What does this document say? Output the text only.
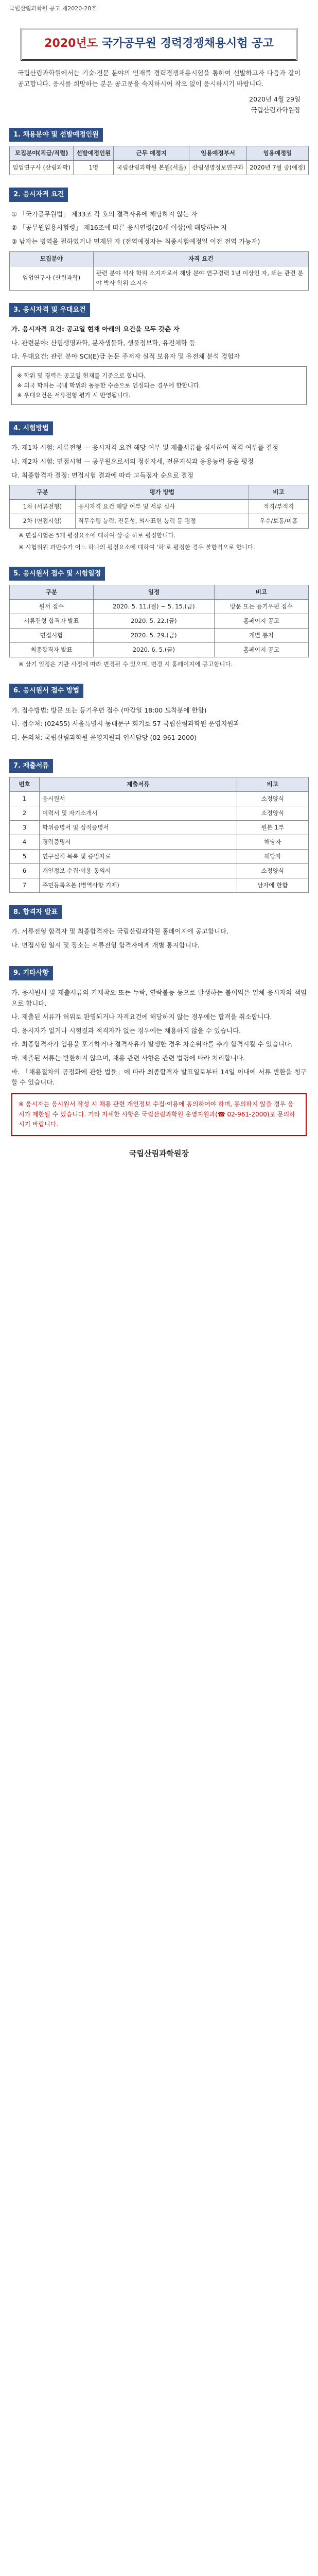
국립산림과학원 공고 제2020-28호
2020년도 국가공무원 경력경쟁채용시험 공고
국립산림과학원에서는 기술·전문 분야의 인재를 경력경쟁채용시험을 통하여 선발하고자 다음과 같이 공고합니다. 응시를 희망하는 분은 공고문을 숙지하시어 착오 없이 응시하시기 바랍니다.
2020년 4월 29일
국립산림과학원장
1. 채용분야 및 선발예정인원
모집분야(직급/직렬)	선발예정인원	근무 예정지	임용예정부서	임용예정일
임업연구사 (산림과학)	1명	국립산림과학원 본원(서울)	산림생명정보연구과	2020년 7월 중(예정)
2. 응시자격 요건
① 「국가공무원법」 제33조 각 호의 결격사유에 해당하지 않는 자
② 「공무원임용시험령」 제16조에 따른 응시연령(20세 이상)에 해당하는 자
③ 남자는 병역을 필하였거나 면제된 자 (전역예정자는 최종시험예정일 이전 전역 가능자)
모집분야	자격 요건
임업연구사 (산림과학)	관련 분야 석사 학위 소지자로서 해당 분야 연구경력 1년 이상인 자, 또는 관련 분야 박사 학위 소지자
3. 응시자격 및 우대요건
가. 응시자격 요건: 공고일 현재 아래의 요건을 모두 갖춘 자
나. 관련분야: 산림생명과학, 분자생물학, 생물정보학, 유전체학 등
다. 우대요건: 관련 분야 SCI(E)급 논문 주저자 실적 보유자 및 유전체 분석 경험자
※ 학위 및 경력은 공고일 현재를 기준으로 합니다.
※ 외국 학위는 국내 학위와 동등한 수준으로 인정되는 경우에 한합니다.
※ 우대요건은 서류전형 평가 시 반영됩니다.
4. 시험방법
가. 제1차 시험: 서류전형 — 응시자격 요건 해당 여부 및 제출서류를 심사하여 적격 여부를 결정
나. 제2차 시험: 면접시험 — 공무원으로서의 정신자세, 전문지식과 응용능력 등을 평정
다. 최종합격자 결정: 면접시험 결과에 따라 고득점자 순으로 결정
구분	평가 방법	비고
1차 (서류전형)	응시자격 요건 해당 여부 및 서류 심사	적격/부적격
2차 (면접시험)	직무수행 능력, 전문성, 의사표현 능력 등 평정	우수/보통/미흡
※ 면접시험은 5개 평정요소에 대하여 상·중·하로 평정합니다.
※ 시험위원 과반수가 어느 하나의 평정요소에 대하여 '하'로 평정한 경우 불합격으로 합니다.
5. 응시원서 접수 및 시험일정
구분	일정	비고
원서 접수	2020. 5. 11.(월) ~ 5. 15.(금)	방문 또는 등기우편 접수
서류전형 합격자 발표	2020. 5. 22.(금)	홈페이지 공고
면접시험	2020. 5. 29.(금)	개별 통지
최종합격자 발표	2020. 6. 5.(금)	홈페이지 공고
※ 상기 일정은 기관 사정에 따라 변경될 수 있으며, 변경 시 홈페이지에 공고합니다.
6. 응시원서 접수 방법
가. 접수방법: 방문 또는 등기우편 접수 (마감일 18:00 도착분에 한함)
나. 접수처: (02455) 서울특별시 동대문구 회기로 57 국립산림과학원 운영지원과
다. 문의처: 국립산림과학원 운영지원과 인사담당 (02-961-2000)
7. 제출서류
번호	제출서류	비고
1	응시원서	소정양식
2	이력서 및 자기소개서	소정양식
3	학위증명서 및 성적증명서	원본 1부
4	경력증명서	해당자
5	연구실적 목록 및 증빙자료	해당자
6	개인정보 수집·이용 동의서	소정양식
7	주민등록초본 (병역사항 기재)	남자에 한함
8. 합격자 발표
가. 서류전형 합격자 및 최종합격자는 국립산림과학원 홈페이지에 공고합니다.
나. 면접시험 일시 및 장소는 서류전형 합격자에게 개별 통지합니다.
9. 기타사항
가. 응시원서 및 제출서류의 기재착오 또는 누락, 연락불능 등으로 발생하는 불이익은 일체 응시자의 책임으로 합니다.
나. 제출된 서류가 허위로 판명되거나 자격요건에 해당하지 않는 경우에는 합격을 취소합니다.
다. 응시자가 없거나 시험결과 적격자가 없는 경우에는 채용하지 않을 수 있습니다.
라. 최종합격자가 임용을 포기하거나 결격사유가 발생한 경우 차순위자를 추가 합격시킬 수 있습니다.
마. 제출된 서류는 반환하지 않으며, 채용 관련 사항은 관련 법령에 따라 처리합니다.
바. 「채용절차의 공정화에 관한 법률」에 따라 최종합격자 발표일로부터 14일 이내에 서류 반환을 청구할 수 있습니다.
※ 응시자는 응시원서 작성 시 채용 관련 개인정보 수집·이용에 동의하여야 하며, 동의하지 않을 경우 응시가 제한될 수 있습니다. 기타 자세한 사항은 국립산림과학원 운영지원과(☎ 02-961-2000)로 문의하시기 바랍니다.
국립산림과학원장
